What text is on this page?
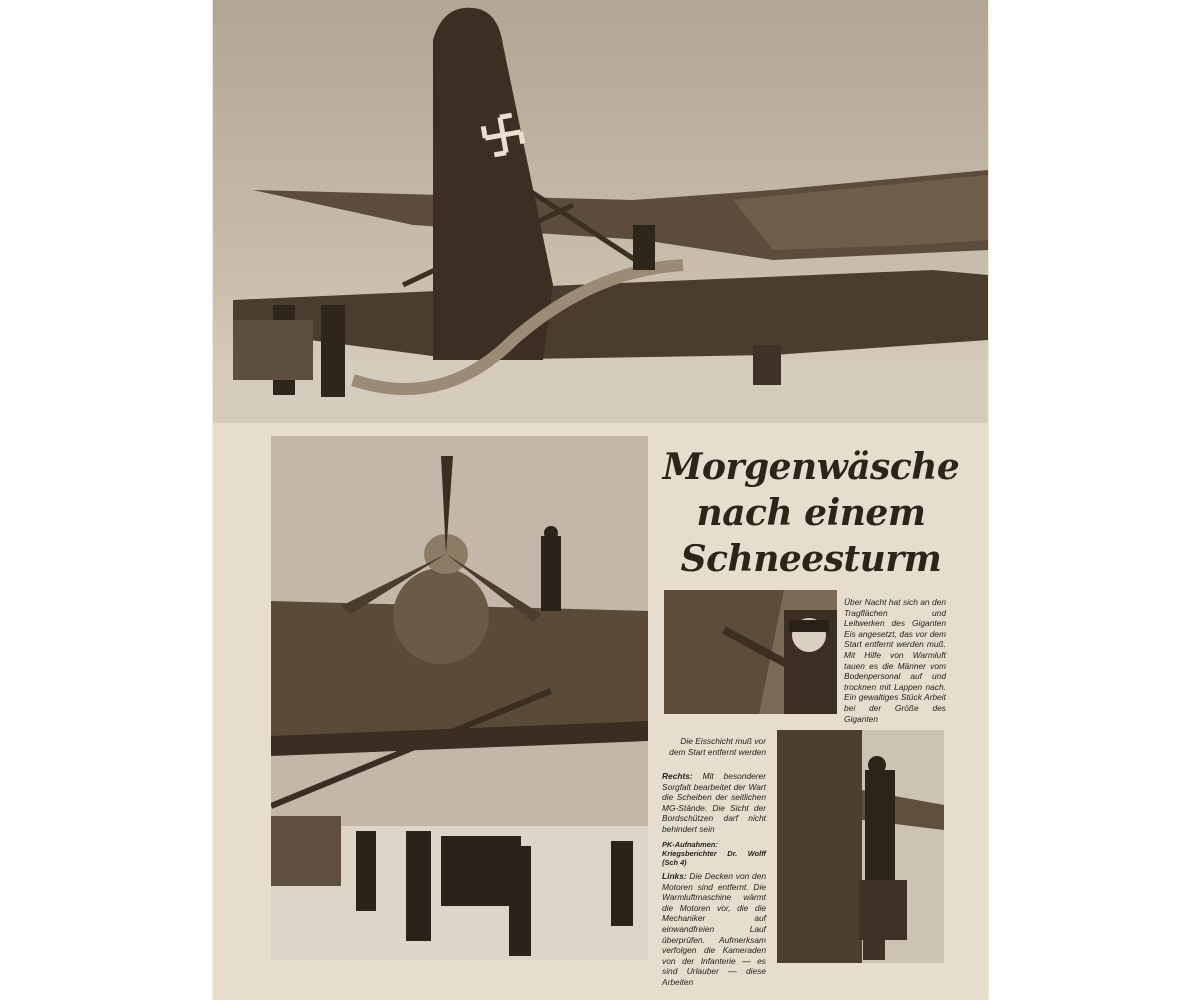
Morgenwäsche
nach einem
Schneesturm

Über Nacht hat sich an den Tragflächen und Leitwerken des Giganten Eis angesetzt, das vor dem Start entfernt werden muß. Mit Hilfe von Warmluft tauen es die Männer vom Bodenpersonal auf und trocknen mit Lappen nach. Ein gewaltiges Stück Arbeit bei der Größe des Giganten

Die Eisschicht muß vor dem Start entfernt werden

Rechts: Mit besonderer Sorgfalt bearbeitet der Wart die Scheiben der seitlichen MG-Stände. Die Sicht der Bordschützen darf nicht behindert sein

PK-Aufnahmen: Kriegsberichter Dr. Wolff (Sch 4)

Links: Die Decken von den Motoren sind entfernt. Die Warmluftmaschine wärmt die Motoren vor, die die Mechaniker auf einwandfreien Lauf überprüfen. Aufmerksam verfolgen die Kameraden von der Infanterie — es sind Urlauber — diese Arbeiten
